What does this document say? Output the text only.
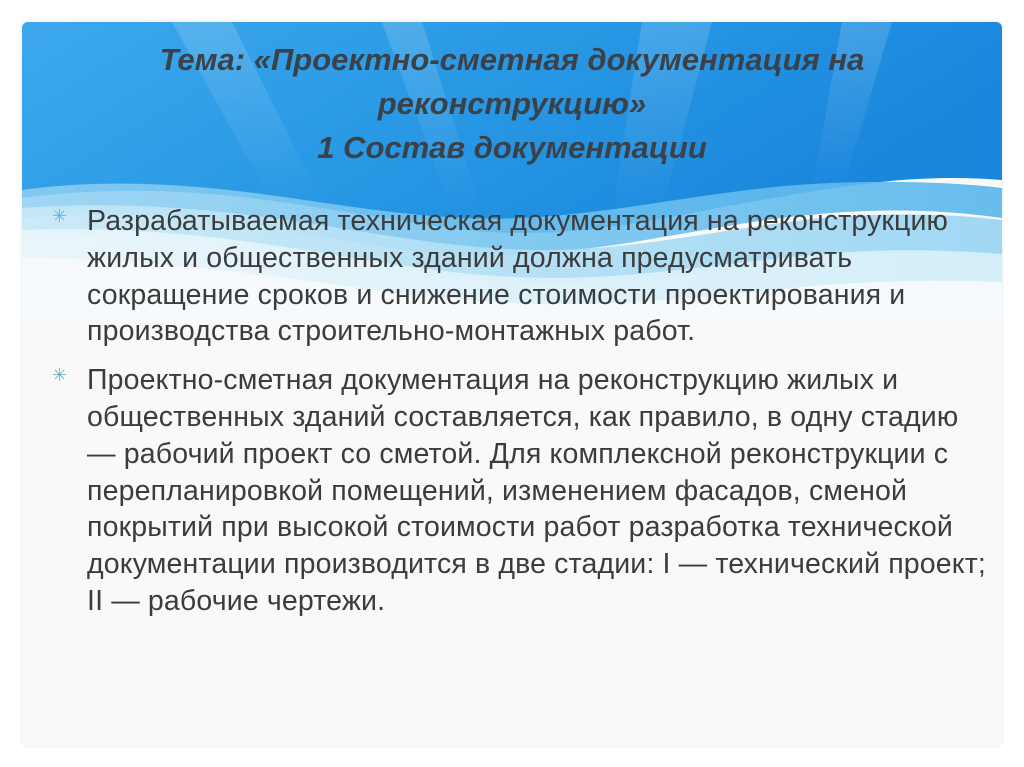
Тема: «Проектно-сметная документация на
реконструкцию»
1 Состав документации
✳ Разрабатываемая техническая документация на реконструкцию жилых и общественных зданий должна предусматривать сокращение сроков и снижение стоимости проектирования и производства строительно-монтажных работ.
✳ Проектно-сметная документация на реконструкцию жилых и общественных зданий составляется, как правило, в одну стадию — рабочий проект со сметой. Для комплексной реконструкции с перепланировкой помещений, изменением фасадов, сменой покрытий при высокой стоимости работ разработка технической документации производится в две стадии: I — технический проект; II — рабочие чертежи.
